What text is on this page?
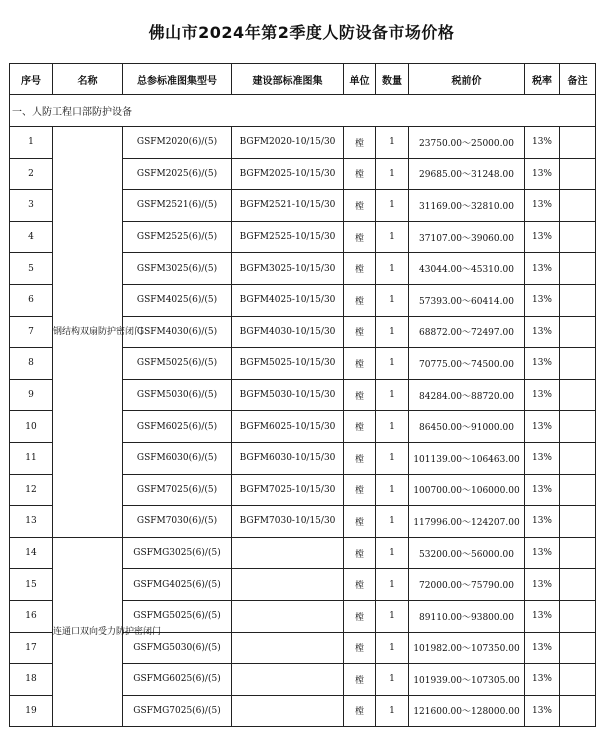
佛山市2024年第2季度人防设备市场价格
序号	名称	总参标准图集型号	建设部标准图集	单位	数量	税前价	税率	备注
一、人防工程口部防护设备								
1	钢结构双扇防护密闭门	GSFM2020(6)/(5)	BGFM2020-10/15/30	樘	1	23750.00～25000.00	13%	
2		GSFM2025(6)/(5)	BGFM2025-10/15/30	樘	1	29685.00～31248.00	13%	
3		GSFM2521(6)/(5)	BGFM2521-10/15/30	樘	1	31169.00～32810.00	13%	
4		GSFM2525(6)/(5)	BGFM2525-10/15/30	樘	1	37107.00～39060.00	13%	
5		GSFM3025(6)/(5)	BGFM3025-10/15/30	樘	1	43044.00～45310.00	13%	
6		GSFM4025(6)/(5)	BGFM4025-10/15/30	樘	1	57393.00～60414.00	13%	
7		GSFM4030(6)/(5)	BGFM4030-10/15/30	樘	1	68872.00～72497.00	13%	
8		GSFM5025(6)/(5)	BGFM5025-10/15/30	樘	1	70775.00～74500.00	13%	
9		GSFM5030(6)/(5)	BGFM5030-10/15/30	樘	1	84284.00～88720.00	13%	
10		GSFM6025(6)/(5)	BGFM6025-10/15/30	樘	1	86450.00～91000.00	13%	
11		GSFM6030(6)/(5)	BGFM6030-10/15/30	樘	1	101139.00～106463.00	13%	
12		GSFM7025(6)/(5)	BGFM7025-10/15/30	樘	1	100700.00～106000.00	13%	
13		GSFM7030(6)/(5)	BGFM7030-10/15/30	樘	1	117996.00～124207.00	13%	
14	连通口双向受力防护密闭门	GSFMG3025(6)/(5)		樘	1	53200.00～56000.00	13%	
15		GSFMG4025(6)/(5)		樘	1	72000.00～75790.00	13%	
16		GSFMG5025(6)/(5)		樘	1	89110.00～93800.00	13%	
17		GSFMG5030(6)/(5)		樘	1	101982.00～107350.00	13%	
18		GSFMG6025(6)/(5)		樘	1	101939.00～107305.00	13%	
19		GSFMG7025(6)/(5)		樘	1	121600.00～128000.00	13%	
